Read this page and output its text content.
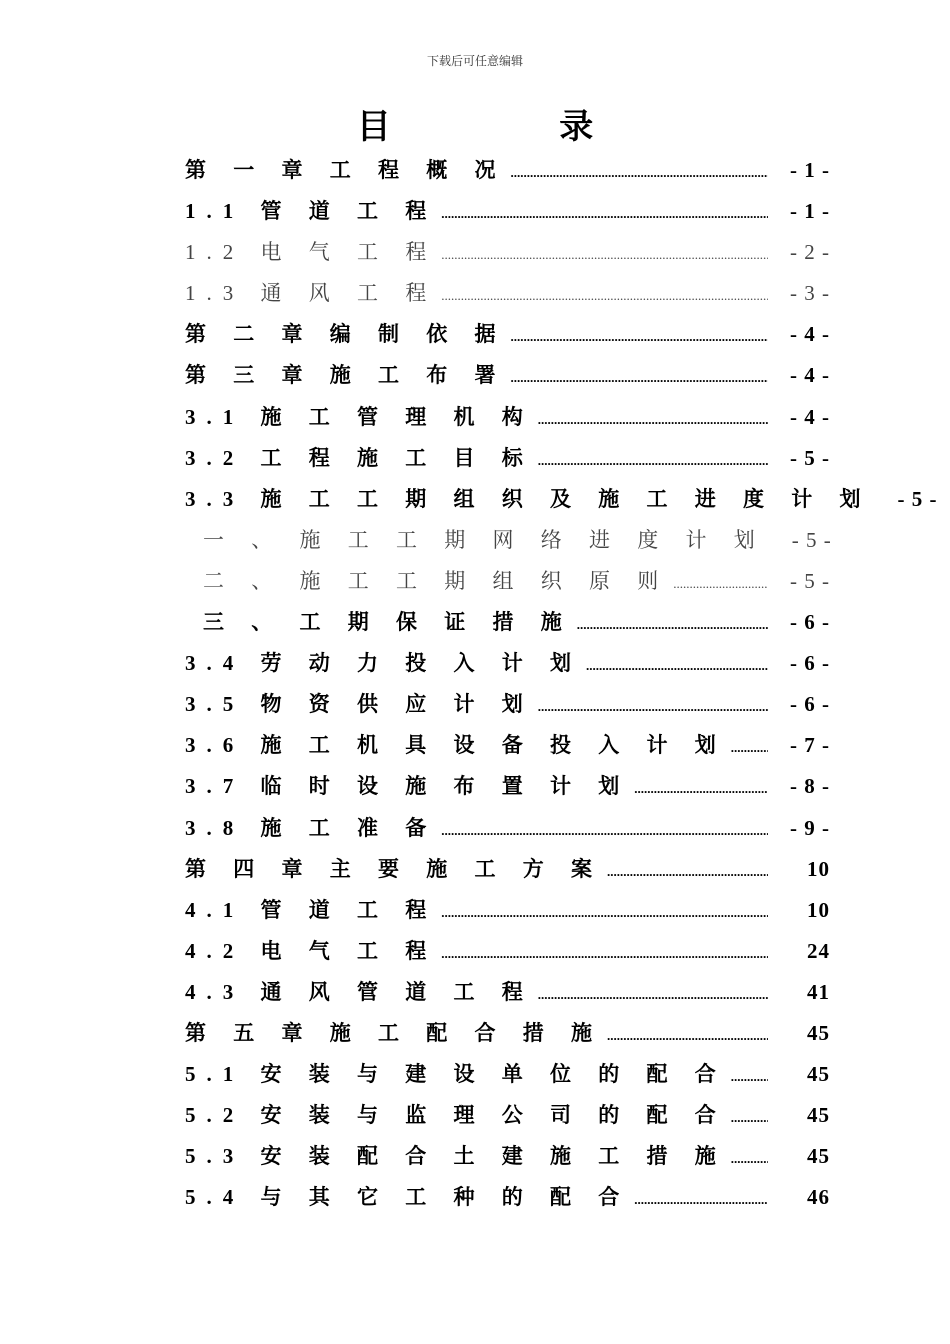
下载后可任意编辑
目 录
第 一 章 工 程 概 况 .....	- 1 -
1.1 管 道 工 程 .....	- 1 -
1.2 电 气 工 程 .....	- 2 -
1.3 通 风 工 程 .....	- 3 -
第 二 章 编 制 依 据 .....	- 4 -
第 三 章 施 工 布 署 .....	- 4 -
3.1 施 工 管 理 机 构 .....	- 4 -
3.2 工 程 施 工 目 标 .....	- 5 -
3.3 施 工 工 期 组 织 及 施 工 进 度 计 划	- 5 -
一 、 施 工 工 期 网 络 进 度 计 划	- 5 -
二 、 施 工 工 期 组 织 原 则 .....	- 5 -
三 、 工 期 保 证 措 施 .....	- 6 -
3.4 劳 动 力 投 入 计 划 .....	- 6 -
3.5 物 资 供 应 计 划 .....	- 6 -
3.6 施 工 机 具 设 备 投 入 计 划 .....	- 7 -
3.7 临 时 设 施 布 置 计 划 .....	- 8 -
3.8 施 工 准 备 .....	- 9 -
第 四 章 主 要 施 工 方 案 .....	10
4.1 管 道 工 程 .....	10
4.2 电 气 工 程 .....	24
4.3 通 风 管 道 工 程 .....	41
第 五 章 施 工 配 合 措 施 .....	45
5.1 安 装 与 建 设 单 位 的 配 合 .....	45
5.2 安 装 与 监 理 公 司 的 配 合 .....	45
5.3 安 装 配 合 土 建 施 工 措 施 .....	45
5.4 与 其 它 工 种 的 配 合 .....	46
